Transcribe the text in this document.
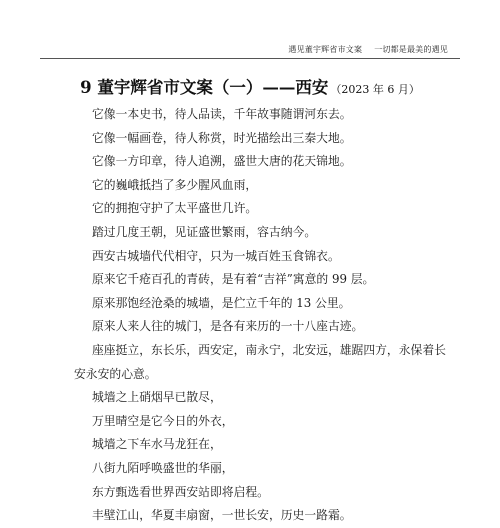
遇见董宇辉省市文案 一切都是最美的遇见
9 董宇辉省市文案（一）——西安 （2023 年 6 月）
它像一本史书，待人品读，千年故事随谓河东去。
它像一幅画卷，待人称赏，时光描绘出三秦大地。
它像一方印章，待人追溯，盛世大唐的花天锦地。
它的巍峨抵挡了多少腥风血雨，
它的拥抱守护了太平盛世几许。
踏过几度王朝，见证盛世繁雨，容古纳今。
西安古城墙代代相守，只为一城百姓玉食锦衣。
原来它千疮百孔的青砖，是有着“吉祥”寓意的 99 层。
原来那饱经沧桑的城墙，是伫立千年的 13 公里。
原来人来人往的城门，是各有来历的一十八座古迹。
座座挺立，东长乐，西安定，南永宁，北安远，雄踞四方，永保着长
安永安的心意。
城墙之上硝烟早已散尽，
万里晴空是它今日的外衣，
城墙之下车水马龙狂在，
八街九陌呼唤盛世的华丽，
东方甄选看世界西安站即将启程。
丰壁江山，华夏丰扇窗，一世长安，历史一路霜。
